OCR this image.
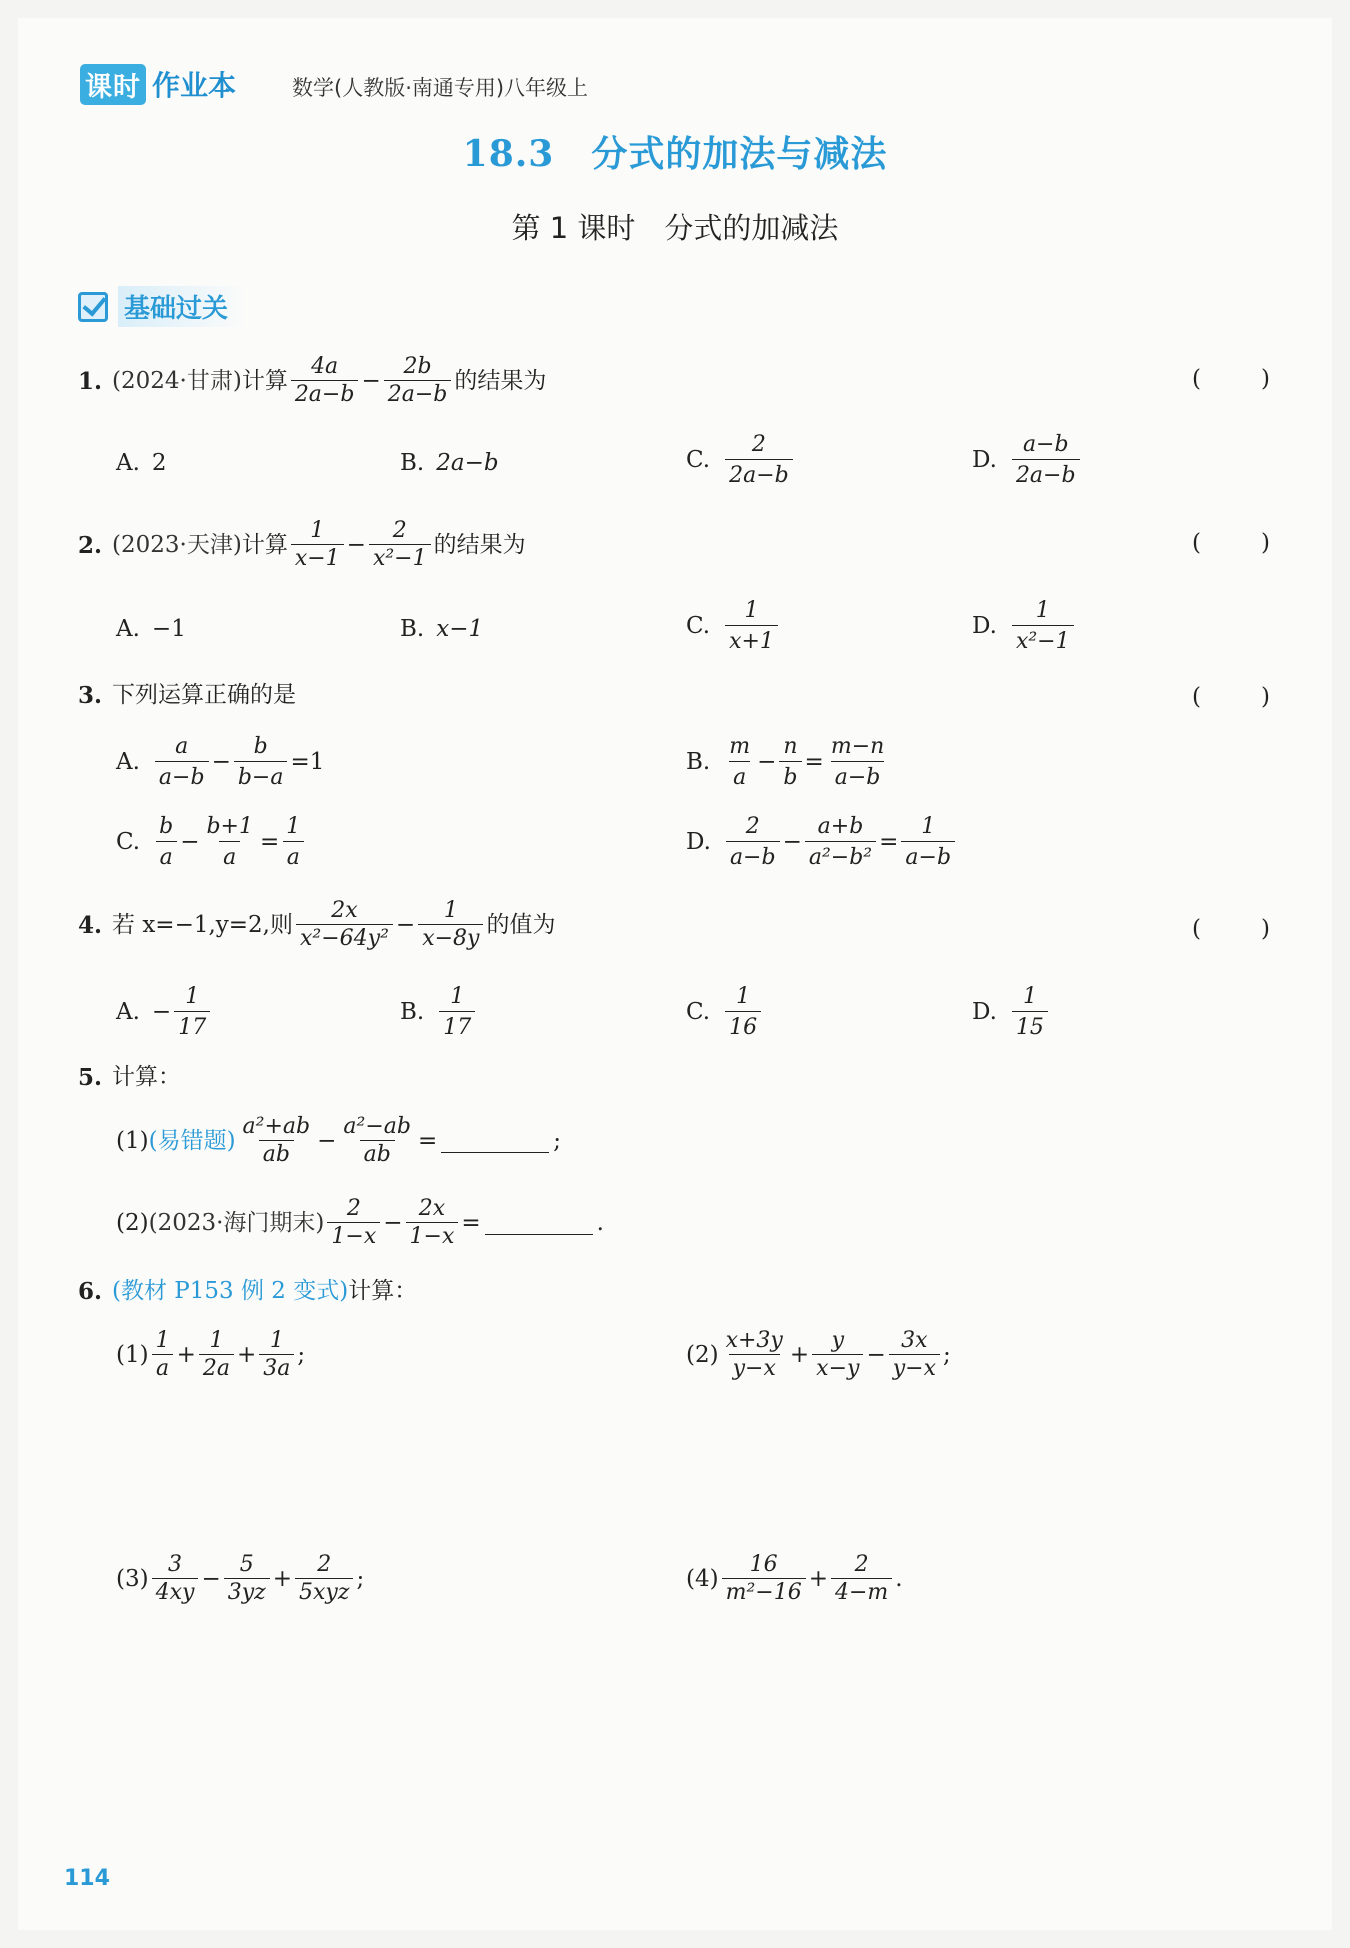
课时 作业本	数学(人教版·南通专用)八年级上
18.3　分式的加法与减法
第 1 课时　分式的加减法
基础过关
1. (2024·甘肃) 计算 $\frac{4a}{2a-b} - \frac{2b}{2a-b}$ 的结果为	(	)
A. 2	B. 2a−b	C. $\frac{2}{2a-b}$	D. $\frac{a-b}{2a-b}$
2. (2023·天津) 计算 $\frac{1}{x-1} - \frac{2}{\text{x²−1}}$ 的结果为	(	)
A. −1	B. x−1	C. $\frac{1}{x+1}$	D. $\frac{1}{\text{x²−1}}$
3. 下列运算正确的是	(	)
A. $\frac{a}{a-b} - \frac{b}{b-a} =1$	B. $\frac{m}{a} - \frac{n}{b} = \frac{m-n}{a-b}$
C. $\frac{b}{a} - \frac{b+1}{a} = \frac{1}{a}$	D. $\frac{2}{a-b} - \frac{a+b}{\text{a²−b²}} = \frac{1}{a-b}$
4. 若 x=−1,y=2,则 $\frac{2x}{\text{x²−64y²}} - \frac{1}{x-8y}$ 的值为	(	)
A. − $\frac{1}{17}$	B. $\frac{1}{17}$	C. $\frac{1}{16}$	D. $\frac{1}{15}$
5. 计算：
(1) (易错题) $\frac{\text{a²+ab}}{ab} - \frac{\text{a²−ab}}{ab}$ =	;
(2) (2023·海门期末) $\frac{2}{1-x} - \frac{2x}{1-x}$ =	.
6. (教材 P153 例 2 变式) 计算：
$(1) \frac{1}{a} + \frac{1}{2a} + \frac{1}{3a}$ ;	$(2) \frac{x+3y}{y-x} + \frac{y}{x-y} - \frac{3x}{y-x}$ ;
$(3) \frac{3}{4xy} - \frac{5}{3yz} + \frac{2}{\text{5xyz}}$ ;	$(4) \frac{16}{\text{m²−16}} + \frac{2}{4-m}$ .
114
